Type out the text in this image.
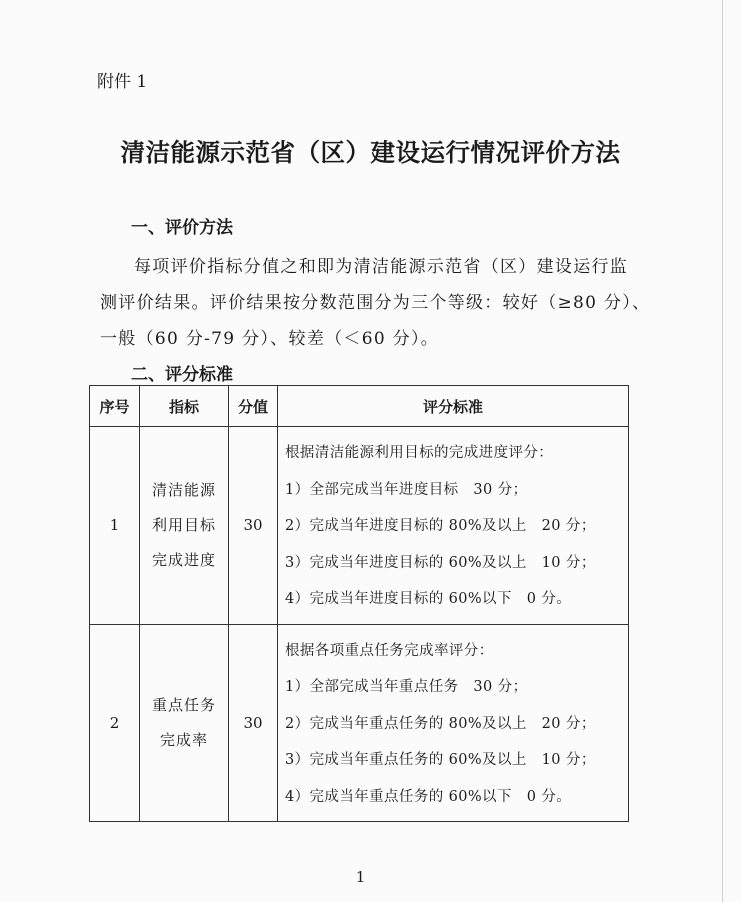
附件 1
清洁能源示范省（区）建设运行情况评价方法
一、评价方法
每项评价指标分值之和即为清洁能源示范省（区）建设运行监
测评价结果。评价结果按分数范围分为三个等级：较好（≥80 分）、
一般（60 分-79 分）、较差（＜60 分）。
二、评分标准
序号	指标	分值	评分标准
1	清洁能源
利用目标
完成进度	30	根据清洁能源利用目标的完成进度评分：
1）全部完成当年进度目标　30 分；
2）完成当年进度目标的 80%及以上　20 分；
3）完成当年进度目标的 60%及以上　10 分；
4）完成当年进度目标的 60%以下　0 分。

2	重点任务
完成率	30	根据各项重点任务完成率评分：
1）全部完成当年重点任务　30 分；
2）完成当年重点任务的 80%及以上　20 分；
3）完成当年重点任务的 60%及以上　10 分；
4）完成当年重点任务的 60%以下　0 分。
1
